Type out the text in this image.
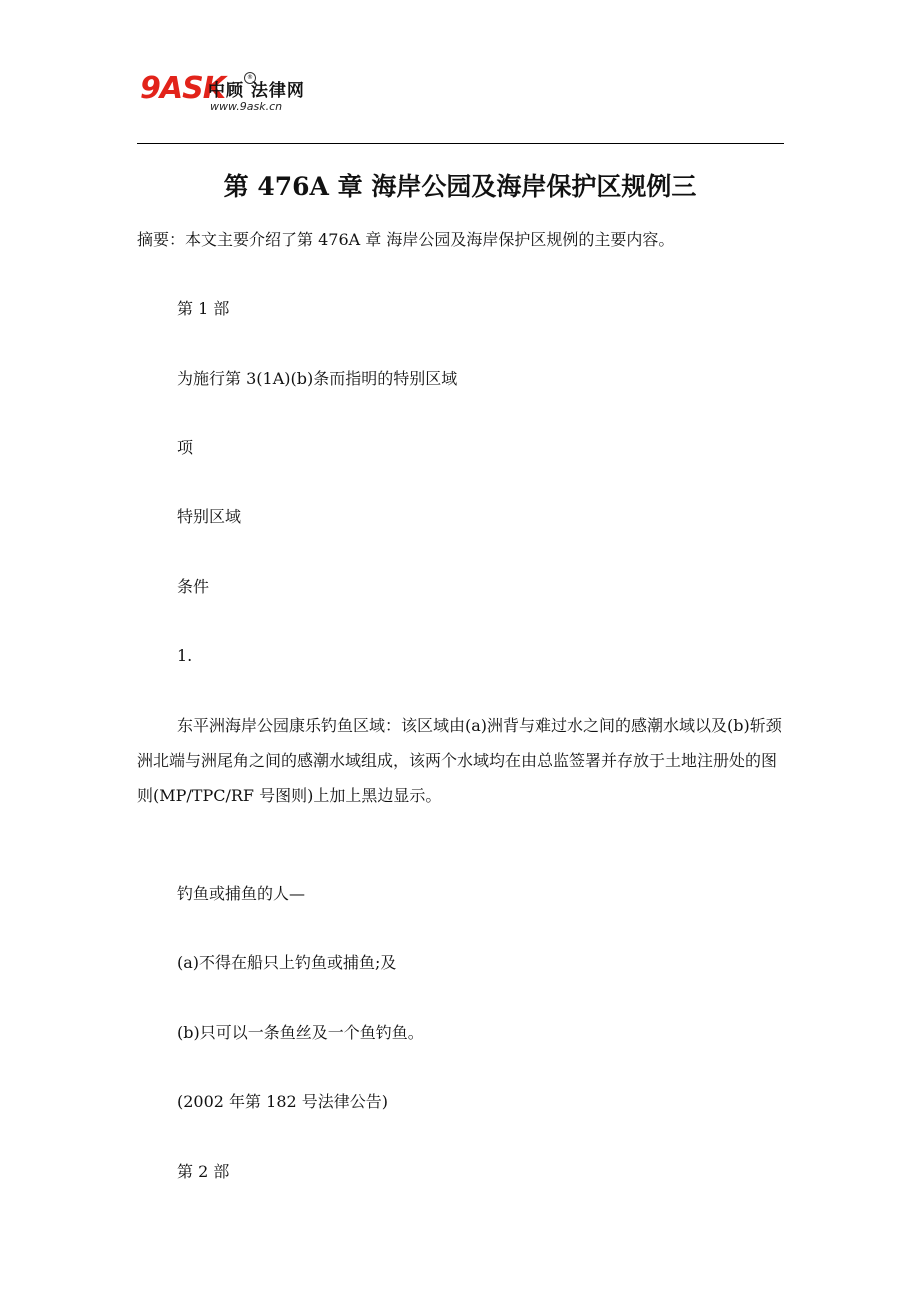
9ASK
中顾 法律网
®
www.9ask.cn
第 476A 章 海岸公园及海岸保护区规例三

摘要：本文主要介绍了第 476A 章 海岸公园及海岸保护区规例的主要内容。

第 1 部

为施行第 3(1A)(b)条而指明的特别区域

项

特别区域

条件

1.

东平洲海岸公园康乐钓鱼区域：该区域由(a)洲背与难过水之间的感潮水域以及(b)斩颈洲北端与洲尾角之间的感潮水域组成，该两个水域均在由总监签署并存放于土地注册处的图则(MP/TPC/RF 号图则)上加上黑边显示。

钓鱼或捕鱼的人—

(a)不得在船只上钓鱼或捕鱼;及

(b)只可以一条鱼丝及一个鱼钓鱼。

(2002 年第 182 号法律公告)

第 2 部
